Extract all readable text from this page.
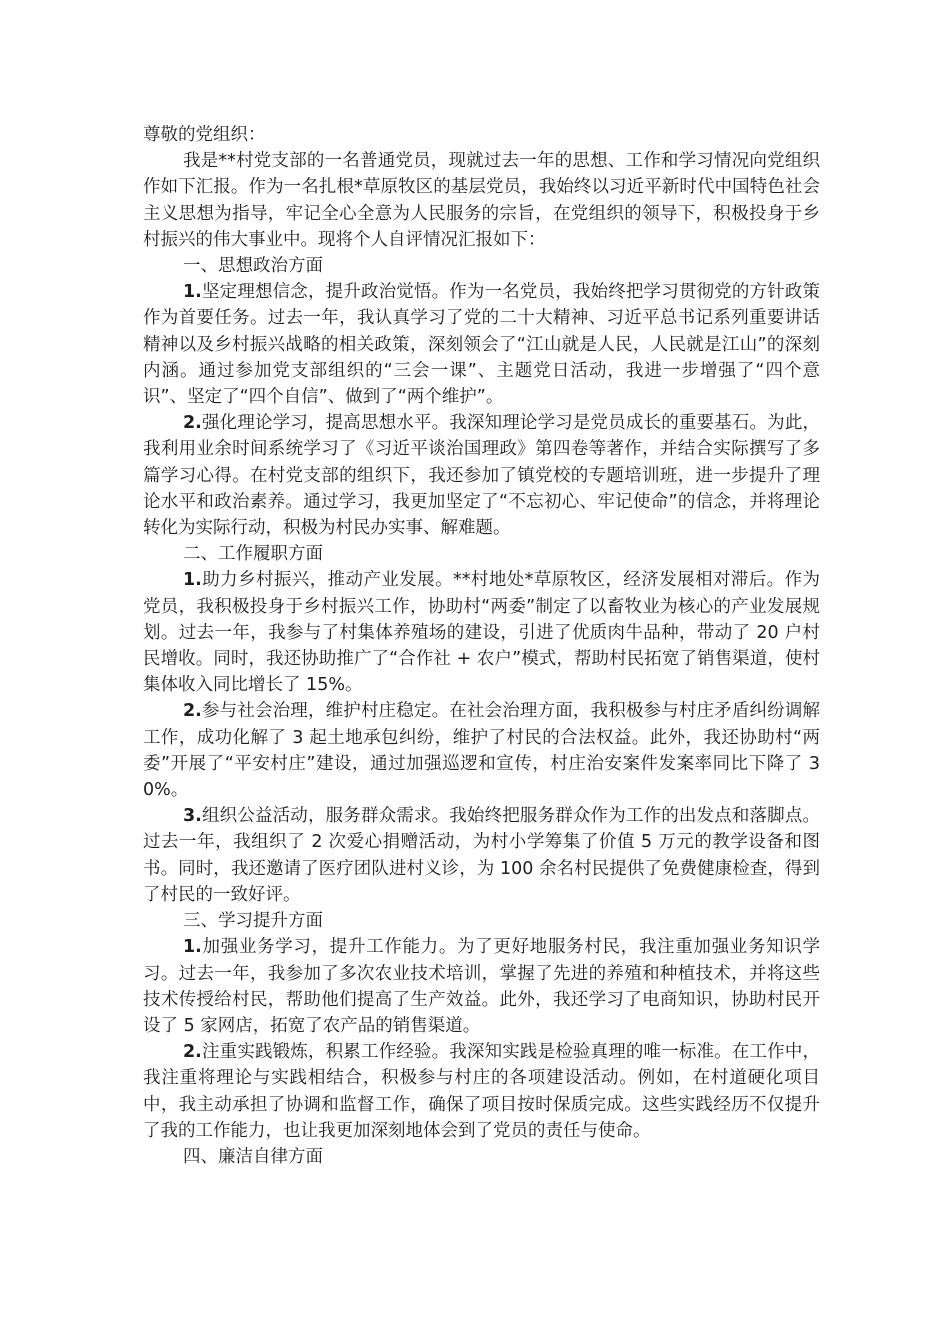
尊敬的党组织：

我是**村党支部的一名普通党员，现就过去一年的思想、工作和学习情况向党组织作如下汇报。作为一名扎根*草原牧区的基层党员，我始终以习近平新时代中国特色社会主义思想为指导，牢记全心全意为人民服务的宗旨，在党组织的领导下，积极投身于乡村振兴的伟大事业中。现将个人自评情况汇报如下：

一、思想政治方面

1.坚定理想信念，提升政治觉悟。作为一名党员，我始终把学习贯彻党的方针政策作为首要任务。过去一年，我认真学习了党的二十大精神、习近平总书记系列重要讲话精神以及乡村振兴战略的相关政策，深刻领会了“江山就是人民，人民就是江山”的深刻内涵。通过参加党支部组织的“三会一课”、主题党日活动，我进一步增强了“四个意识”、坚定了“四个自信”、做到了“两个维护”。

2.强化理论学习，提高思想水平。我深知理论学习是党员成长的重要基石。为此，我利用业余时间系统学习了《习近平谈治国理政》第四卷等著作，并结合实际撰写了多篇学习心得。在村党支部的组织下，我还参加了镇党校的专题培训班，进一步提升了理论水平和政治素养。通过学习，我更加坚定了“不忘初心、牢记使命”的信念，并将理论转化为实际行动，积极为村民办实事、解难题。

二、工作履职方面

1.助力乡村振兴，推动产业发展。**村地处*草原牧区，经济发展相对滞后。作为党员，我积极投身于乡村振兴工作，协助村“两委”制定了以畜牧业为核心的产业发展规划。过去一年，我参与了村集体养殖场的建设，引进了优质肉牛品种，带动了 20 户村民增收。同时，我还协助推广了“合作社 + 农户”模式，帮助村民拓宽了销售渠道，使村集体收入同比增长了 15%。

2.参与社会治理，维护村庄稳定。在社会治理方面，我积极参与村庄矛盾纠纷调解工作，成功化解了 3 起土地承包纠纷，维护了村民的合法权益。此外，我还协助村“两委”开展了“平安村庄”建设，通过加强巡逻和宣传，村庄治安案件发案率同比下降了 30%。

3.组织公益活动，服务群众需求。我始终把服务群众作为工作的出发点和落脚点。过去一年，我组织了 2 次爱心捐赠活动，为村小学筹集了价值 5 万元的教学设备和图书。同时，我还邀请了医疗团队进村义诊，为 100 余名村民提供了免费健康检查，得到了村民的一致好评。

三、学习提升方面

1.加强业务学习，提升工作能力。为了更好地服务村民，我注重加强业务知识学习。过去一年，我参加了多次农业技术培训，掌握了先进的养殖和种植技术，并将这些技术传授给村民，帮助他们提高了生产效益。此外，我还学习了电商知识，协助村民开设了 5 家网店，拓宽了农产品的销售渠道。

2.注重实践锻炼，积累工作经验。我深知实践是检验真理的唯一标准。在工作中，我注重将理论与实践相结合，积极参与村庄的各项建设活动。例如，在村道硬化项目中，我主动承担了协调和监督工作，确保了项目按时保质完成。这些实践经历不仅提升了我的工作能力，也让我更加深刻地体会到了党员的责任与使命。

四、廉洁自律方面
